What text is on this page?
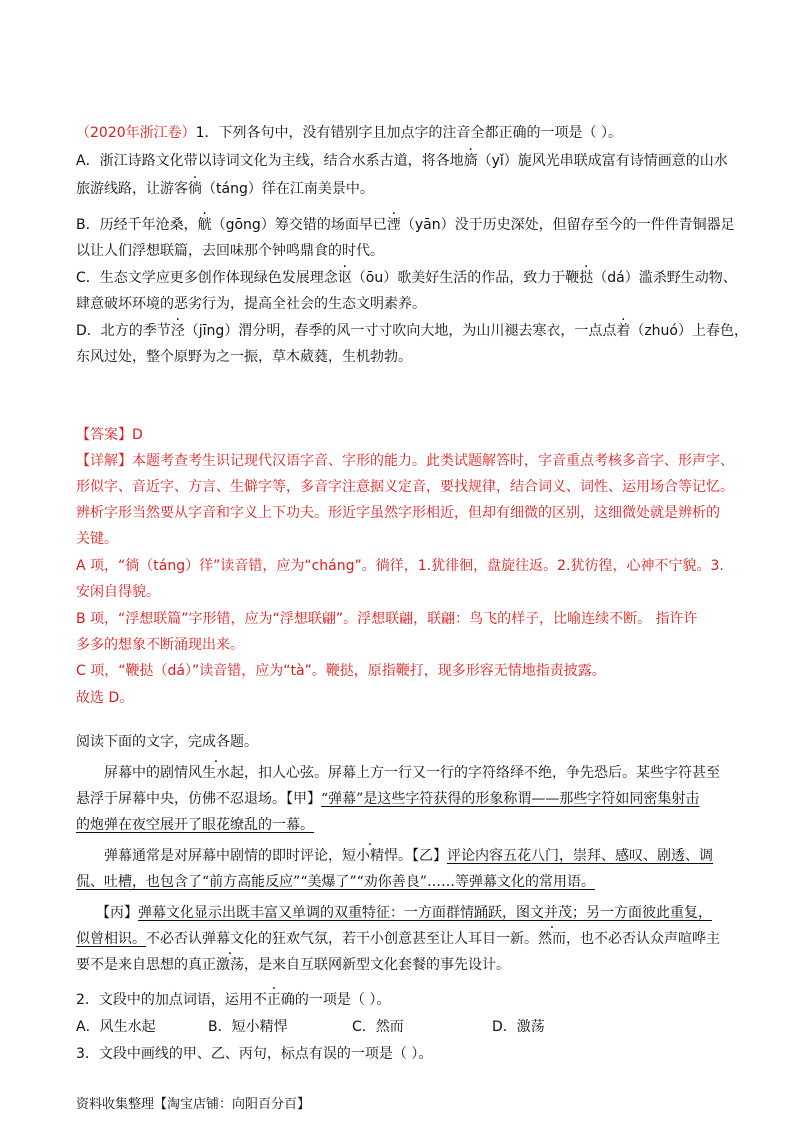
（2020年浙江卷）1．下列各句中，没有错别字且加点字的注音全都正确的一项是（ ）。
A．浙江诗路文化带以诗词文化为主线，结合水系古道，将各地旖（yǐ）旎风光串联成富有诗情画意的山水
旅游线路，让游客徜（táng）徉在江南美景中。
B．历经千年沧桑，觥（gōng）筹交错的场面早已湮（yān）没于历史深处，但留存至今的一件件青铜器足
以让人们浮想联篇，去回味那个钟鸣鼎食的时代。
C．生态文学应更多创作体现绿色发展理念讴（ōu）歌美好生活的作品，致力于鞭挞（dá）滥杀野生动物、
肆意破坏环境的恶劣行为，提高全社会的生态文明素养。
D．北方的季节泾（jīng）渭分明，春季的风一寸寸吹向大地，为山川褪去寒衣，一点点着（zhuó）上春色，
东风过处，整个原野为之一振，草木葳蕤，生机勃勃。
【答案】D
【详解】本题考查考生识记现代汉语字音、字形的能力。此类试题解答时，字音重点考核多音字、形声字、
形似字、音近字、方言、生僻字等，多音字注意据义定音，要找规律，结合词义、词性、运用场合等记忆。
辨析字形当然要从字音和字义上下功夫。形近字虽然字形相近，但却有细微的区别，这细微处就是辨析的
关键。
A 项，“徜（táng）徉”读音错，应为“cháng”。徜徉，1.犹徘徊，盘旋往返。2.犹彷徨，心神不宁貌。3.
安闲自得貌。
B 项，“浮想联篇”字形错，应为“浮想联翩”。浮想联翩，联翩：鸟飞的样子，比喻连续不断。 指许许
多多的想象不断涌现出来。
C 项，“鞭挞（dá）”读音错，应为“tà”。鞭挞，原指鞭打，现多形容无情地指责披露。
故选 D。
阅读下面的文字，完成各题。
屏幕中的剧情风生水起，扣人心弦。屏幕上方一行又一行的字符络绎不绝，争先恐后。某些字符甚至
悬浮于屏幕中央，仿佛不忍退场。【甲】“弹幕”是这些字符获得的形象称谓——那些字符如同密集射击
的炮弹在夜空展开了眼花缭乱的一幕。
弹幕通常是对屏幕中剧情的即时评论，短小精悍。【乙】评论内容五花八门，崇拜、感叹、剧透、调
侃、吐槽，也包含了“前方高能反应”“美爆了”“劝你善良”……等弹幕文化的常用语。
【丙】弹幕文化显示出既丰富又单调的双重特征：一方面群情踊跃，图文并茂；另一方面彼此重复，
似曾相识。不必否认弹幕文化的狂欢气氛，若干小创意甚至让人耳目一新。然而，也不必否认众声喧哗主
要不是来自思想的真正激荡，是来自互联网新型文化套餐的事先设计。
2．文段中的加点词语，运用不正确的一项是（ ）。
A．风生水起	B．短小精悍	C．然而	D．激荡
3．文段中画线的甲、乙、丙句，标点有误的一项是（ ）。
资料收集整理【淘宝店铺：向阳百分百】
